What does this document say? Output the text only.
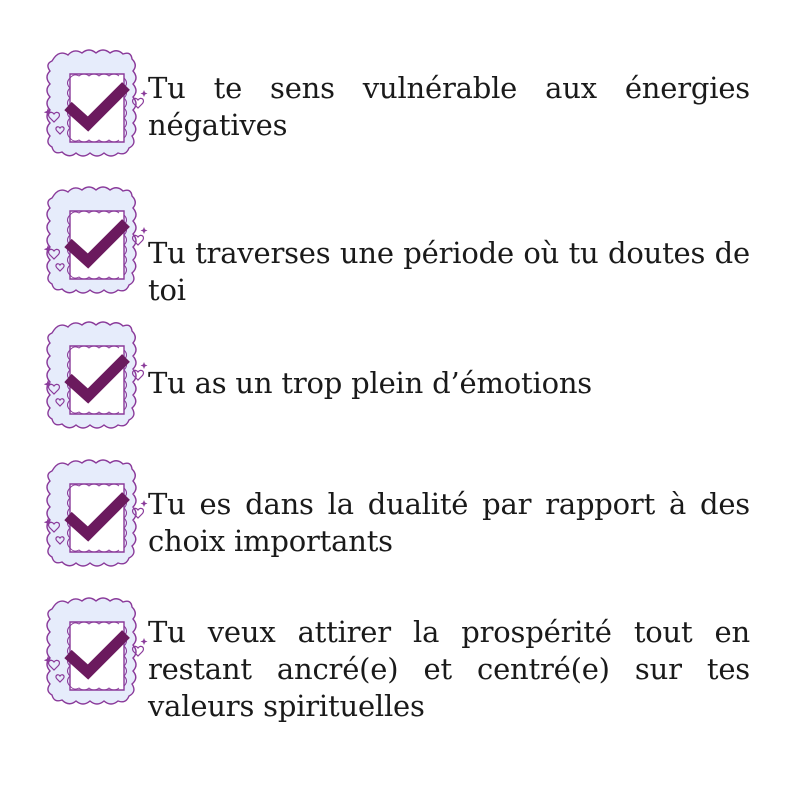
Tu te sens vulnérable aux énergies négatives
Tu traverses une période où tu doutes de toi
Tu as un trop plein d’émotions
Tu es dans la dualité par rapport à des choix importants
Tu veux attirer la prospérité tout en restant ancré(e) et centré(e) sur tes valeurs spirituelles
